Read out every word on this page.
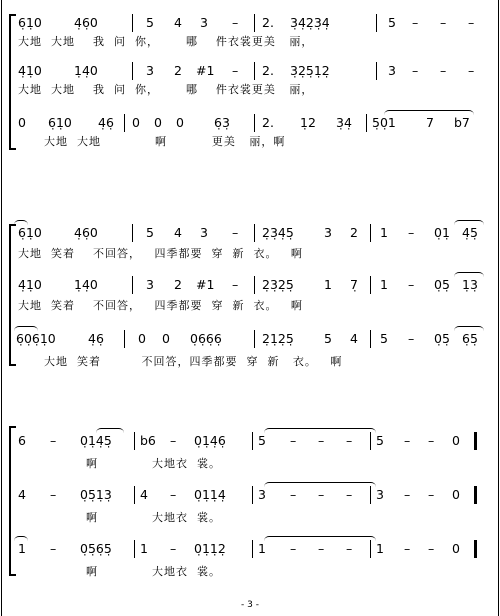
6̣1̣0	4̣6̣0	5 4 3 – 2. 3̣4̣2̣3̣4̣	5 – – –
大地  大地    我  问  你，      哪    件衣裳更美   丽，
4̣1̣0	1̣4̣0	3 2 #1 – 2. 3̣2̣5̣1̣2̣	3 – – –
大地  大地    我  问  你，      哪    件衣裳更美   丽，
0 6̣1̣0 4̣6̣ 0 0 0 6̣3̣	2. 1̣2 3̣4̣ 5̣0̣1 7 b7
大地  大地            啊          更美   丽，啊
6̣1̣0	4̣6̣0	5 4 3 – 2̣3̣4̣5̣ 3 2 1 – 0̣1̣ 4̣5̣
大地  笑着    不回答，   四季都要  穿  新  衣。   啊
4̣1̣0	1̣4̣0	3 2 #1 – 2̣3̣2̣5̣ 1 7̣ 1 – 0̣5̣ 1̣3̣
大地  笑着    不回答，   四季都要  穿  新  衣。   啊
6̣0̣6̣1̣0	4̣6̣	0 0 0̣6̣6̣6̣	2̣1̣2̣5̣ 5 4 5 – 0̣5̣ 6̣5̣
大地  笑着         不回答，四季都要  穿  新   衣。   啊
6 – 0̣1̣4̣5̣ b6 – 0̣1̣4̣6̣	5 – – – 5 – – 0
啊            大地衣  裳。
4 – 0̣5̣1̣3̣ 4 – 0̣1̣1̣4̣	3 – – – 3 – – 0
啊            大地衣  裳。
1 – 0̣5̣6̣5̣ 1 – 0̣1̣1̣2̣	1 – – – 1 – – 0
啊            大地衣  裳。
- 3 -
